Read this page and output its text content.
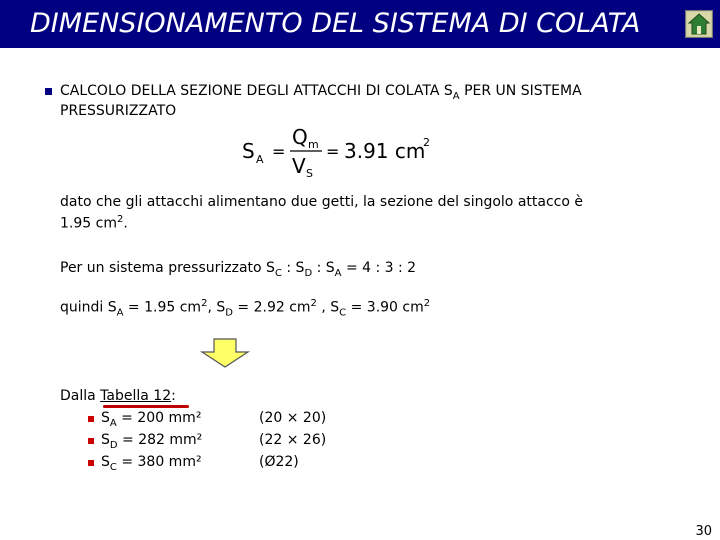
DIMENSIONAMENTO DEL SISTEMA DI COLATA
CALCOLO DELLA SEZIONE DEGLI ATTACCHI DI COLATA $S_A$ PER UN SISTEMA
PRESSURIZZATO
S A =
Q m
V S
= 3.91 cm
2
dato che gli attacchi alimentano due getti, la sezione del singolo attacco è
1.95 $cm^2$.
Per un sistema pressurizzato $S_C$ : $S_D$ : $S_A = 4$ : 3 : 2
quindi $S_A = 1.95$ $cm^2$, $S_D = 2.92$ $cm^2$ , $S_C = 3.90$ $cm^2$
Dalla Tabella 12:
$S_A = 200$ mm²	(20 × 20)
$S_D = 282$ mm²	(22 × 26)
$S_C = 380$ mm²	(Ø22)
30
